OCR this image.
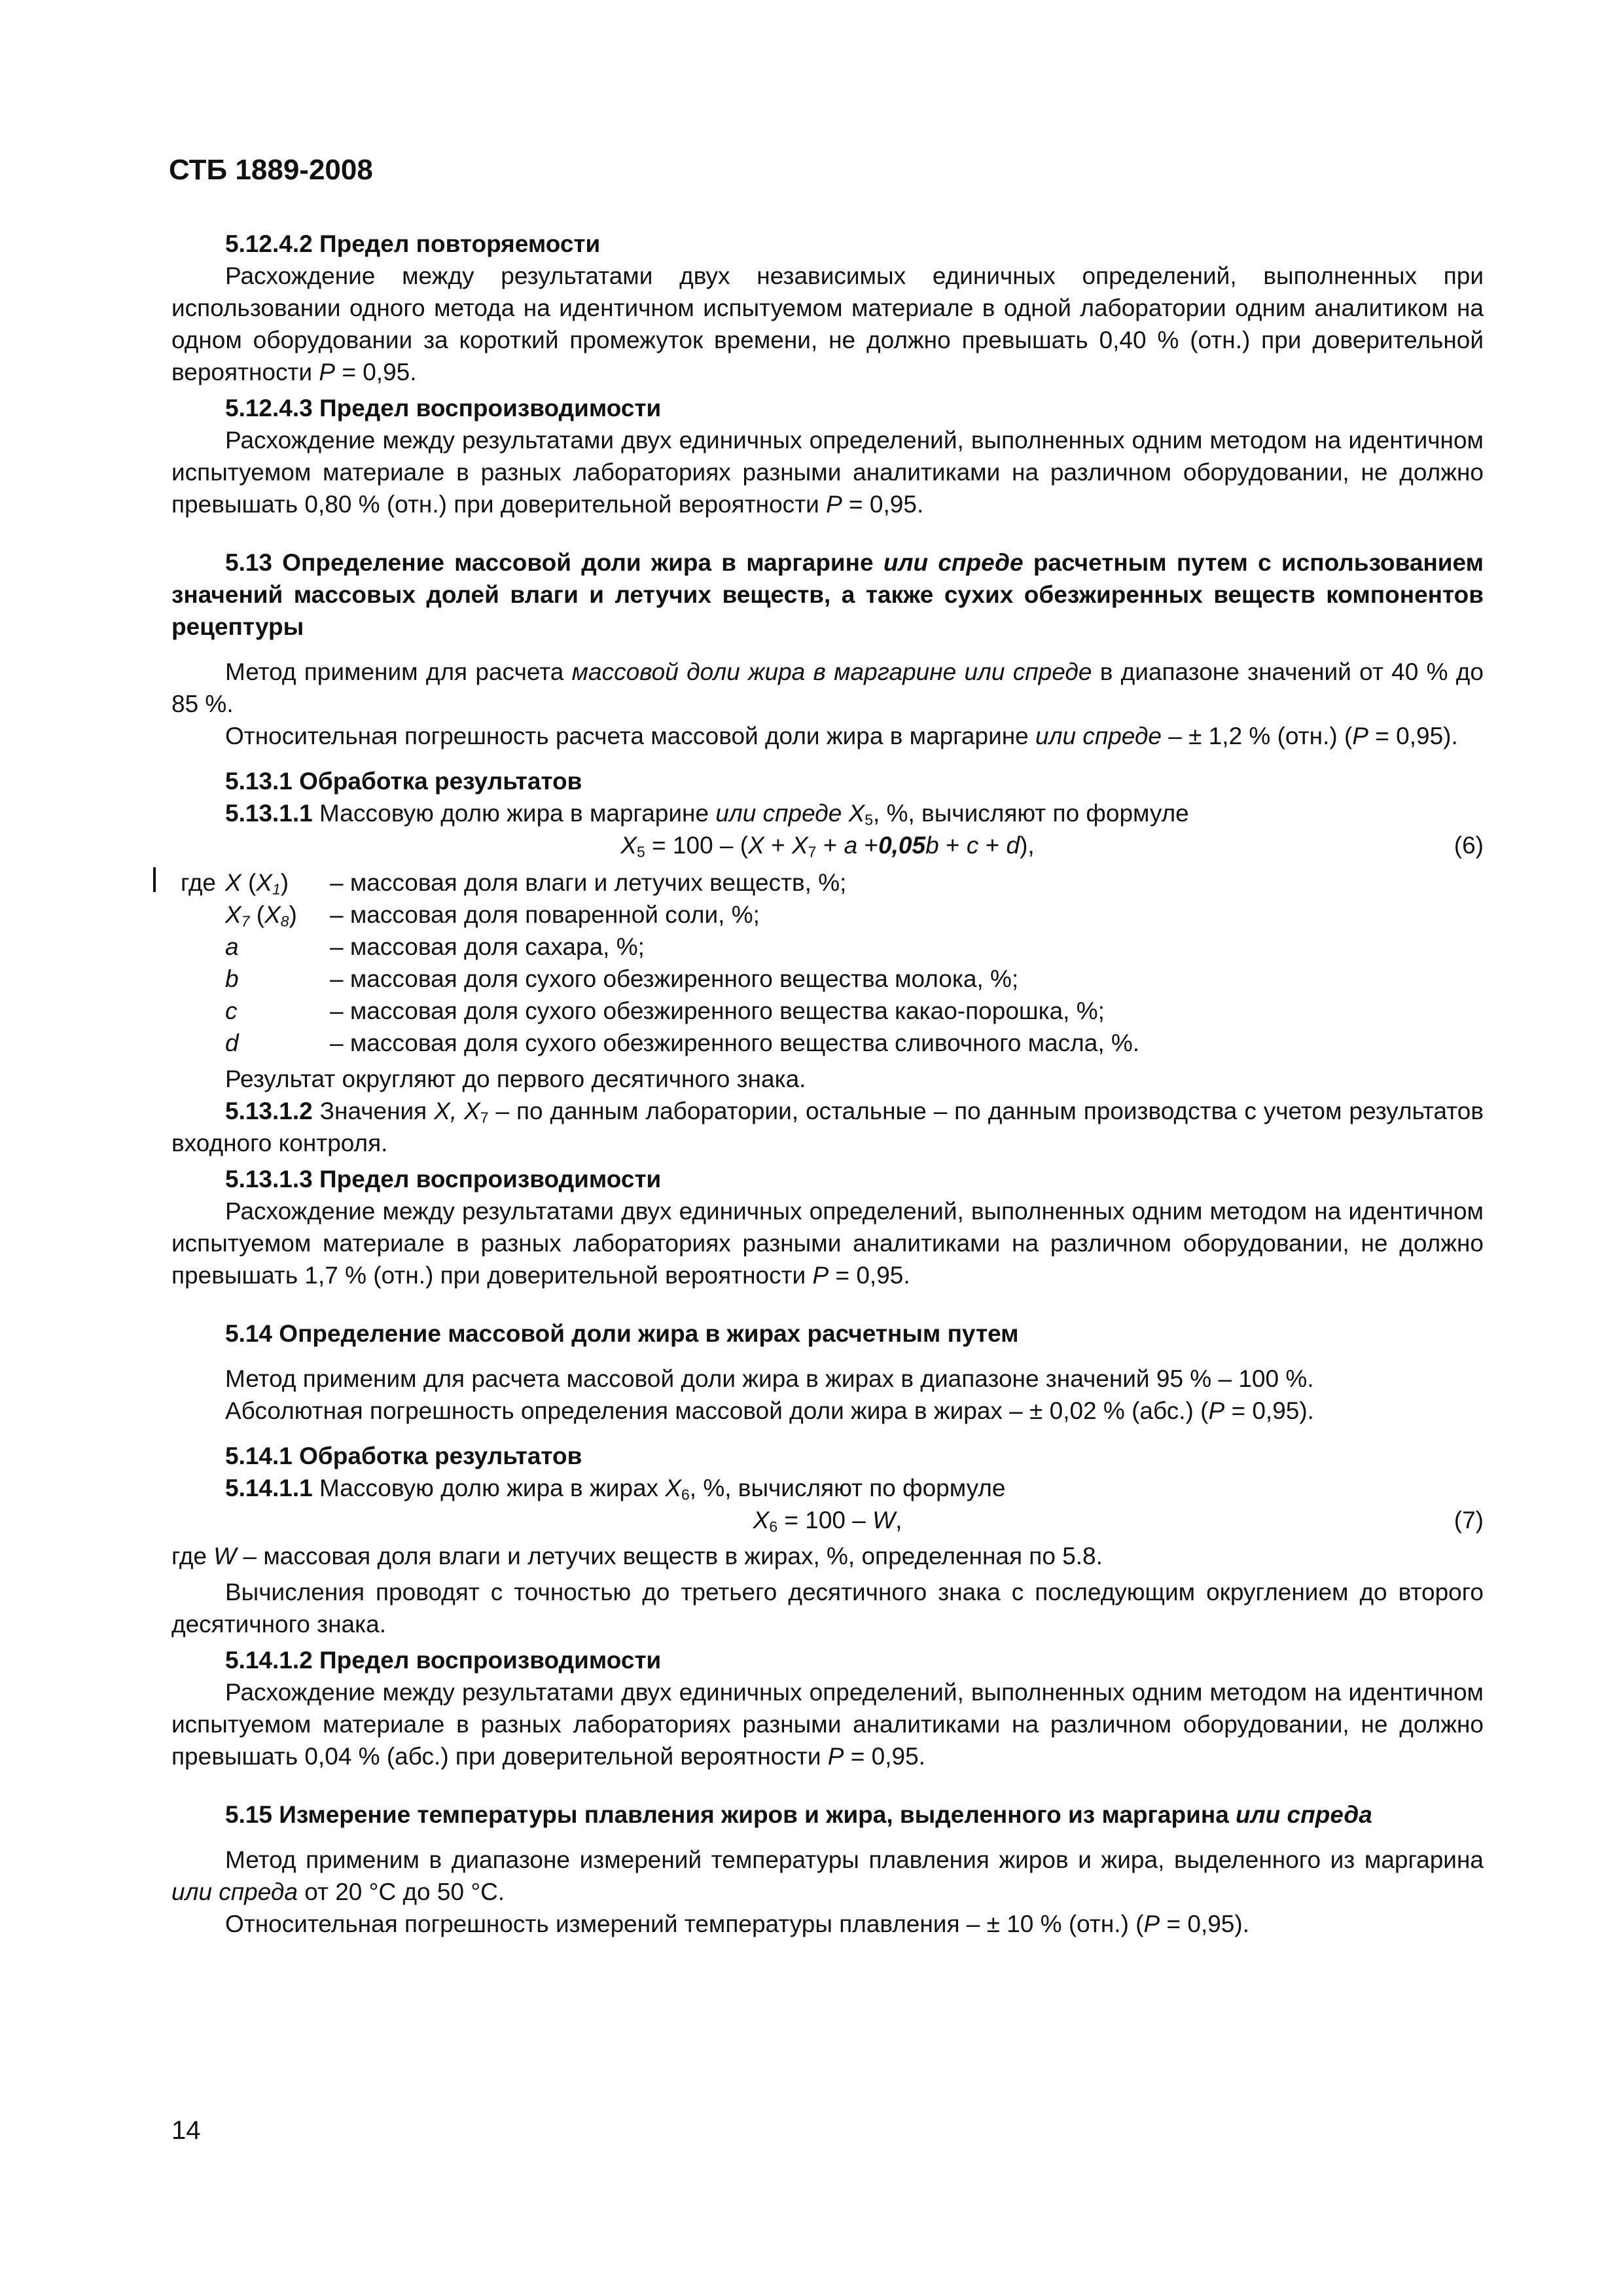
СТБ 1889-2008

5.12.4.2 Предел повторяемости

Расхождение между результатами двух независимых единичных определений, выполненных при использовании одного метода на идентичном испытуемом материале в одной лаборатории одним аналитиком на одном оборудовании за короткий промежуток времени, не должно превышать 0,40 % (отн.) при доверительной вероятности P = 0,95.

5.12.4.3 Предел воспроизводимости

Расхождение между результатами двух единичных определений, выполненных одним методом на идентичном испытуемом материале в разных лабораториях разными аналитиками на различном оборудовании, не должно превышать 0,80 % (отн.) при доверительной вероятности P = 0,95.

5.13 Определение массовой доли жира в маргарине или спреде расчетным путем с использованием значений массовых долей влаги и летучих веществ, а также сухих обезжиренных веществ компонентов рецептуры

Метод применим для расчета массовой доли жира в маргарине или спреде в диапазоне значений от 40 % до 85 %.

Относительная погрешность расчета массовой доли жира в маргарине или спреде – ± 1,2 % (отн.) (P = 0,95).

5.13.1 Обработка результатов

5.13.1.1 Массовую долю жира в маргарине или спреде $X_5$, %, вычисляют по формуле

$X_5 = 100 - (X + X_7 + a +0,05b + c + d)$,	(6)
где X $(X_1)$	– массовая доля влаги и летучих веществ, %;
$X_7$ $(X_8)$	– массовая доля поваренной соли, %;
a	– массовая доля сахара, %;
b	– массовая доля сухого обезжиренного вещества молока, %;
c	– массовая доля сухого обезжиренного вещества какао-порошка, %;
d	– массовая доля сухого обезжиренного вещества сливочного масла, %.

Результат округляют до первого десятичного знака.

5.13.1.2 Значения X, $X_7$ – по данным лаборатории, остальные – по данным производства с учетом результатов входного контроля.

5.13.1.3 Предел воспроизводимости

Расхождение между результатами двух единичных определений, выполненных одним методом на идентичном испытуемом материале в разных лабораториях разными аналитиками на различном оборудовании, не должно превышать 1,7 % (отн.) при доверительной вероятности P = 0,95.

5.14 Определение массовой доли жира в жирах расчетным путем

Метод применим для расчета массовой доли жира в жирах в диапазоне значений 95 % – 100 %.

Абсолютная погрешность определения массовой доли жира в жирах – ± 0,02 % (абс.) (P = 0,95).

5.14.1 Обработка результатов

5.14.1.1 Массовую долю жира в жирах $X_6$, %, вычисляют по формуле

$X_6 = 100 - W$,	(7)

где W – массовая доля влаги и летучих веществ в жирах, %, определенная по 5.8.

Вычисления проводят с точностью до третьего десятичного знака с последующим округлением до второго десятичного знака.

5.14.1.2 Предел воспроизводимости

Расхождение между результатами двух единичных определений, выполненных одним методом на идентичном испытуемом материале в разных лабораториях разными аналитиками на различном оборудовании, не должно превышать 0,04 % (абс.) при доверительной вероятности P = 0,95.

5.15 Измерение температуры плавления жиров и жира, выделенного из маргарина или спреда

Метод применим в диапазоне измерений температуры плавления жиров и жира, выделенного из маргарина или спреда от 20 °С до 50 °С.

Относительная погрешность измерений температуры плавления – ± 10 % (отн.) (P = 0,95).

14
